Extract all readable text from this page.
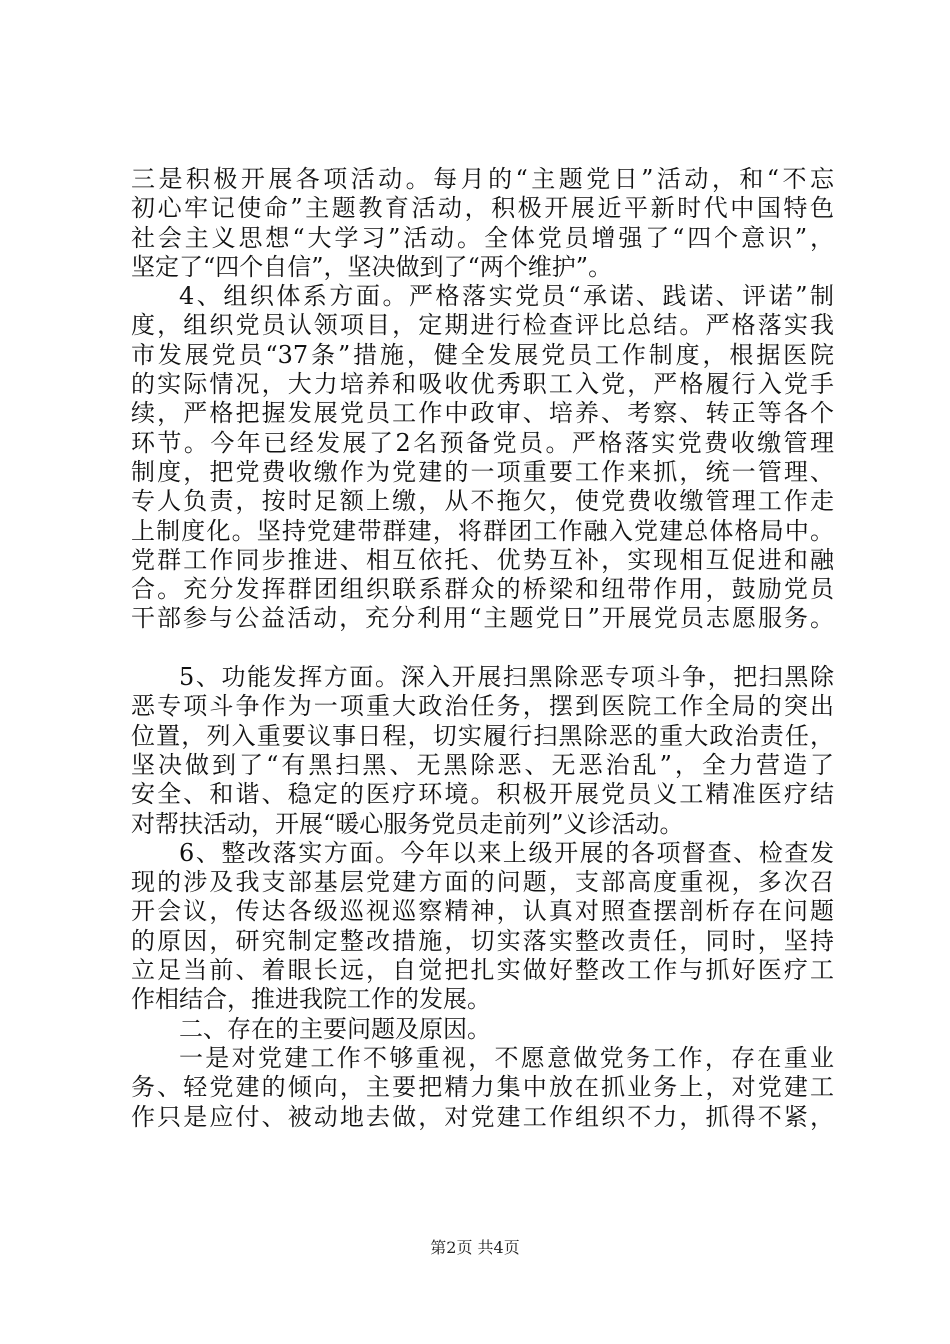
三是积极开展各项活动。每月的“主题党日”活动，和“不忘
初心牢记使命”主题教育活动，积极开展近平新时代中国特色
社会主义思想“大学习”活动。全体党员增强了“四个意识”，
坚定了“四个自信”，坚决做到了“两个维护”。
4、组织体系方面。严格落实党员“承诺、践诺、评诺”制
度，组织党员认领项目，定期进行检查评比总结。严格落实我
市发展党员“37条”措施，健全发展党员工作制度，根据医院
的实际情况，大力培养和吸收优秀职工入党，严格履行入党手
续，严格把握发展党员工作中政审、培养、考察、转正等各个
环节。今年已经发展了2名预备党员。严格落实党费收缴管理
制度，把党费收缴作为党建的一项重要工作来抓，统一管理、
专人负责，按时足额上缴，从不拖欠，使党费收缴管理工作走
上制度化。坚持党建带群建，将群团工作融入党建总体格局中。
党群工作同步推进、相互依托、优势互补，实现相互促进和融
合。充分发挥群团组织联系群众的桥梁和纽带作用，鼓励党员
干部参与公益活动，充分利用“主题党日”开展党员志愿服务。
5、功能发挥方面。深入开展扫黑除恶专项斗争，把扫黑除
恶专项斗争作为一项重大政治任务，摆到医院工作全局的突出
位置，列入重要议事日程，切实履行扫黑除恶的重大政治责任，
坚决做到了“有黑扫黑、无黑除恶、无恶治乱”，全力营造了
安全、和谐、稳定的医疗环境。积极开展党员义工精准医疗结
对帮扶活动，开展“暖心服务党员走前列”义诊活动。
6、整改落实方面。今年以来上级开展的各项督查、检查发
现的涉及我支部基层党建方面的问题，支部高度重视，多次召
开会议，传达各级巡视巡察精神，认真对照查摆剖析存在问题
的原因，研究制定整改措施，切实落实整改责任，同时，坚持
立足当前、着眼长远，自觉把扎实做好整改工作与抓好医疗工
作相结合，推进我院工作的发展。
二、存在的主要问题及原因。
一是对党建工作不够重视，不愿意做党务工作，存在重业
务、轻党建的倾向，主要把精力集中放在抓业务上，对党建工
作只是应付、被动地去做，对党建工作组织不力，抓得不紧，
第2页 共4页
